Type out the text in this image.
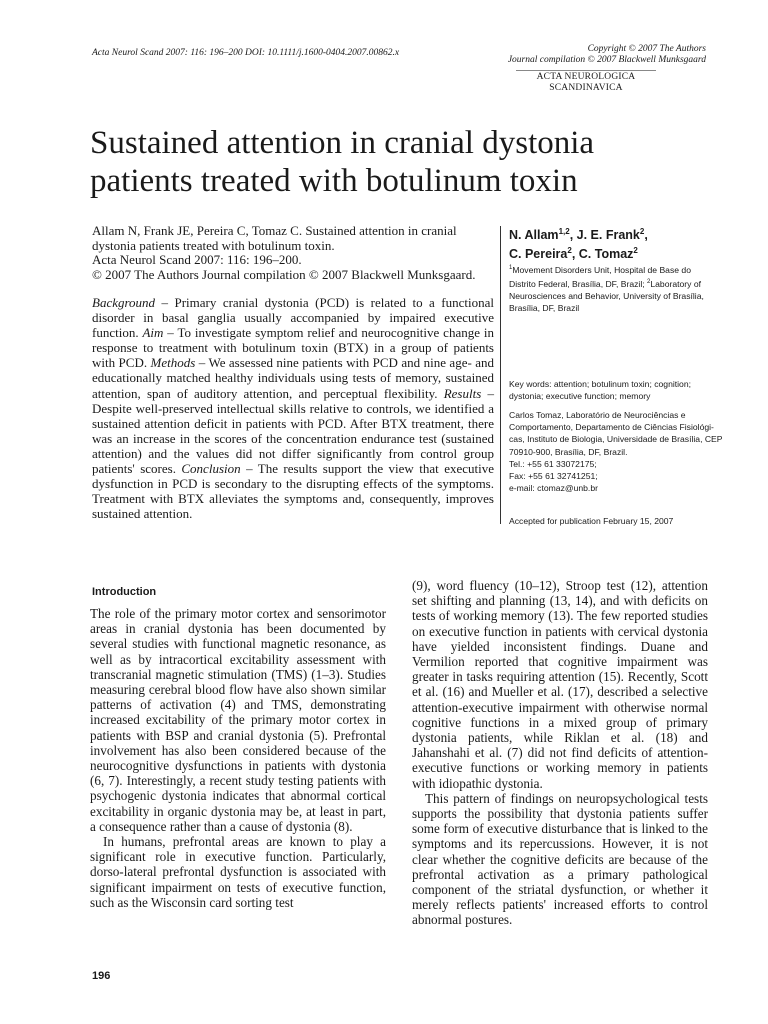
Acta Neurol Scand 2007: 116: 196–200 DOI: 10.1111/j.1600-0404.2007.00862.x	Copyright © 2007 The Authors
Journal compilation © 2007 Blackwell Munksgaard
ACTA NEUROLOGICA
SCANDINAVICA
Sustained attention in cranial dystonia
patients treated with botulinum toxin
Allam N, Frank JE, Pereira C, Tomaz C. Sustained attention in cranial
dystonia patients treated with botulinum toxin.
Acta Neurol Scand 2007: 116: 196–200.
© 2007 The Authors Journal compilation © 2007 Blackwell Munksgaard.
Background – Primary cranial dystonia (PCD) is related to a functional disorder in basal ganglia usually accompanied by impaired executive function. Aim – To investigate symptom relief and neurocognitive change in response to treatment with botulinum toxin (BTX) in a group of patients with PCD. Methods – We assessed nine patients with PCD and nine age- and educationally matched healthy individuals using tests of memory, sustained attention, span of auditory attention, and perceptual flexibility. Results – Despite well-preserved intellectual skills relative to controls, we identified a sustained attention deficit in patients with PCD. After BTX treatment, there was an increase in the scores of the concentration endurance test (sustained attention) and the values did not differ significantly from control group patients' scores. Conclusion – The results support the view that executive dysfunction in PCD is secondary to the disrupting effects of the symptoms. Treatment with BTX alleviates the symptoms and, consequently, improves sustained attention.
N. Allam$^{1,2}$, J. E. Frank$^2$,
C. Pereira$^2$, C. Tomaz$^2$
$^1$Movement Disorders Unit, Hospital de Base do Distrito Federal, Brasília, DF, Brazil; $^2$Laboratory of Neurosciences and Behavior, University of Brasília, Brasília, DF, Brazil
Key words: attention; botulinum toxin; cognition; dystonia; executive function; memory
Carlos Tomaz, Laboratório de Neurociências e
Comportamento, Departamento de Ciências Fisiológi-
cas, Instituto de Biologia, Universidade de Brasília, CEP
70910-900, Brasília, DF, Brazil.
Tel.: +55 61 33072175;
Fax: +55 61 32741251;
e-mail: ctomaz@unb.br
Accepted for publication February 15, 2007
Introduction

The role of the primary motor cortex and sensorimotor areas in cranial dystonia has been documented by several studies with functional magnetic resonance, as well as by intracortical excitability assessment with transcranial magnetic stimulation (TMS) (1–3). Studies measuring cerebral blood flow have also shown similar patterns of activation (4) and TMS, demonstrating increased excitability of the primary motor cortex in patients with BSP and cranial dystonia (5). Prefrontal involvement has also been considered because of the neurocognitive dysfunctions in patients with dystonia (6, 7). Interestingly, a recent study testing patients with psychogenic dystonia indicates that abnormal cortical excitability in organic dystonia may be, at least in part, a consequence rather than a cause of dystonia (8).

In humans, prefrontal areas are known to play a significant role in executive function. Particularly, dorso-lateral prefrontal dysfunction is associated with significant impairment on tests of executive function, such as the Wisconsin card sorting test

(9), word fluency (10–12), Stroop test (12), attention set shifting and planning (13, 14), and with deficits on tests of working memory (13). The few reported studies on executive function in patients with cervical dystonia have yielded inconsistent findings. Duane and Vermilion reported that cognitive impairment was greater in tasks requiring attention (15). Recently, Scott et al. (16) and Mueller et al. (17), described a selective attention-executive impairment with otherwise normal cognitive functions in a mixed group of primary dystonia patients, while Riklan et al. (18) and Jahanshahi et al. (7) did not find deficits of attention-executive functions or working memory in patients with idiopathic dystonia.

This pattern of findings on neuropsychological tests supports the possibility that dystonia patients suffer some form of executive disturbance that is linked to the symptoms and its repercussions. However, it is not clear whether the cognitive deficits are because of the prefrontal activation as a primary pathological component of the striatal dysfunction, or whether it merely reflects patients' increased efforts to control abnormal postures.

196
